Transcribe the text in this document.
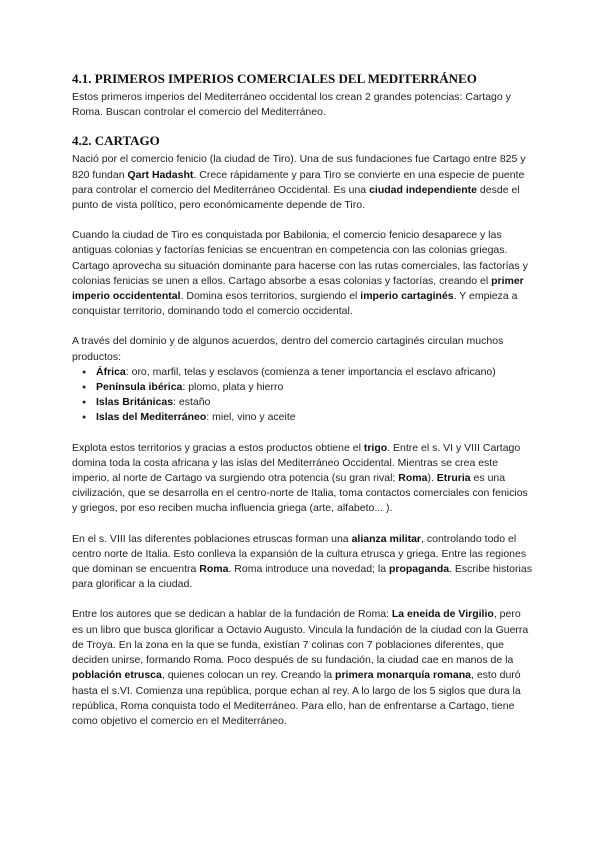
4.1. PRIMEROS IMPERIOS COMERCIALES DEL MEDITERRÁNEO

Estos primeros imperios del Mediterráneo occidental los crean 2 grandes potencias: Cartago y Roma. Buscan controlar el comercio del Mediterráneo.

4.2. CARTAGO

Nació por el comercio fenicio (la ciudad de Tiro). Una de sus fundaciones fue Cartago entre 825 y 820 fundan Qart Hadasht. Crece rápidamente y para Tiro se convierte en una especie de puente para controlar el comercio del Mediterráneo Occidental. Es una ciudad independiente desde el punto de vista político, pero económicamente depende de Tiro.

Cuando la ciudad de Tiro es conquistada por Babilonia, el comercio fenicio desaparece y las antiguas colonias y factorías fenicias se encuentran en competencia con las colonias griegas. Cartago aprovecha su situación dominante para hacerse con las rutas comerciales, las factorías y colonias fenicias se unen a ellos. Cartago absorbe a esas colonias y factorías, creando el primer imperio occidentental. Domina esos territorios, surgiendo el imperio cartaginés. Y empieza a conquistar territorio, dominando todo el comercio occidental.

A través del dominio y de algunos acuerdos, dentro del comercio cartaginés circulan muchos productos:

● África: oro, marfil, telas y esclavos (comienza a tener importancia el esclavo africano)
● Península ibérica: plomo, plata y hierro
● Islas Británicas: estaño
● Islas del Mediterráneo: miel, vino y aceite

Explota estos territorios y gracias a estos productos obtiene el trigo. Entre el s. VI y VIII Cartago domina toda la costa africana y las islas del Mediterráneo Occidental. Mientras se crea este imperio, al norte de Cartago va surgiendo otra potencia (su gran rival; Roma). Etruria es una civilización, que se desarrolla en el centro-norte de Italia, toma contactos comerciales con fenicios y griegos, por eso reciben mucha influencia griega (arte, alfabeto... ).

En el s. VIII las diferentes poblaciones etruscas forman una alianza militar, controlando todo el centro norte de Italia. Esto conlleva la expansión de la cultura etrusca y griega. Entre las regiones que dominan se encuentra Roma. Roma introduce una novedad; la propaganda. Escribe historias para glorificar a la ciudad.

Entre los autores que se dedican a hablar de la fundación de Roma: La eneida de Virgilio, pero es un libro que busca glorificar a Octavio Augusto. Vincula la fundación de la ciudad con la Guerra de Troya. En la zona en la que se funda, existían 7 colinas con 7 poblaciones diferentes, que deciden unirse, formando Roma. Poco después de su fundación, la ciudad cae en manos de la población etrusca, quienes colocan un rey. Creando la primera monarquía romana, esto duró hasta el s.VI. Comienza una república, porque echan al rey. A lo largo de los 5 siglos que dura la república, Roma conquista todo el Mediterráneo. Para ello, han de enfrentarse a Cartago, tiene como objetivo el comercio en el Mediterráneo.
